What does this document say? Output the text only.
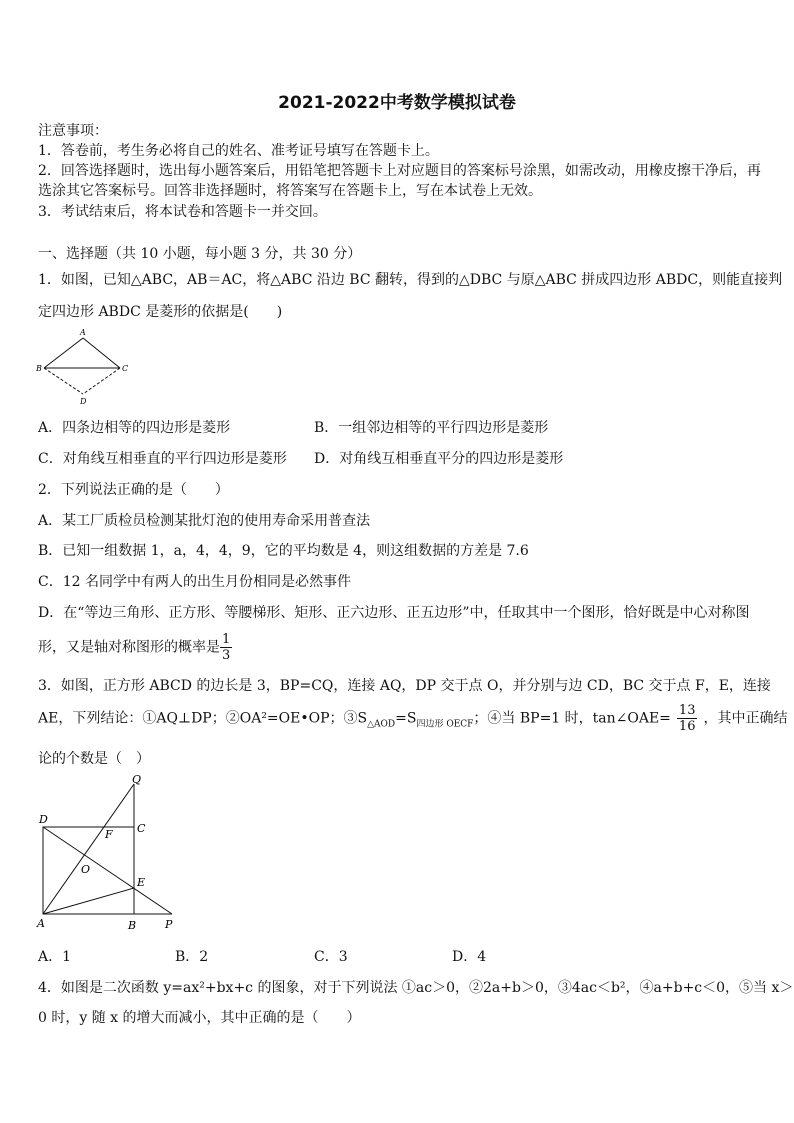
2021-2022中考数学模拟试卷
注意事项：
1．答卷前，考生务必将自己的姓名、准考证号填写在答题卡上。
2．回答选择题时，选出每小题答案后，用铅笔把答题卡上对应题目的答案标号涂黑，如需改动，用橡皮擦干净后，再
选涂其它答案标号。回答非选择题时，将答案写在答题卡上，写在本试卷上无效。
3．考试结束后，将本试卷和答题卡一并交回。
一、选择题（共 10 小题，每小题 3 分，共 30 分）
1．如图，已知△ABC，AB＝AC，将△ABC 沿边 BC 翻转，得到的△DBC 与原△ABC 拼成四边形 ABDC，则能直接判
定四边形 ABDC 是菱形的依据是(　　)
A
B	C
D
A．四条边相等的四边形是菱形	B．一组邻边相等的平行四边形是菱形
C．对角线互相垂直的平行四边形是菱形 D．对角线互相垂直平分的四边形是菱形
2．下列说法正确的是（　　）
A．某工厂质检员检测某批灯泡的使用寿命采用普查法
B．已知一组数据 1，a，4，4，9，它的平均数是 4，则这组数据的方差是 7.6
C．12 名同学中有两人的出生月份相同是必然事件
D．在“等边三角形、正方形、等腰梯形、矩形、正六边形、正五边形”中，任取其中一个图形，恰好既是中心对称图
形，又是轴对称图形的概率是 $\frac{1}{3}$
3．如图，正方形 ABCD 的边长是 3，BP=CQ，连接 AQ，DP 交于点 O，并分别与边 CD，BC 交于点 F，E，连接
AE，下列结论：①AQ⊥DP；②OA²=OE•OP；$③S_{\triangle AOD}=S_{四边形 OECF}$；④当 BP=1 时，tan∠OAE= $\frac{13}{16}$ ，其中正确结
论的个数是（　）
Q
D
C
F
O
E
A	B	P
A．1	B．2	C．3	D．4
4．如图是二次函数 y=ax²+bx+c 的图象，对于下列说法 ①ac＞0，②2a+b＞0，③4ac＜b²，④a+b+c＜0，⑤当 x＞
0 时，y 随 x 的增大而减小，其中正确的是（　　）
